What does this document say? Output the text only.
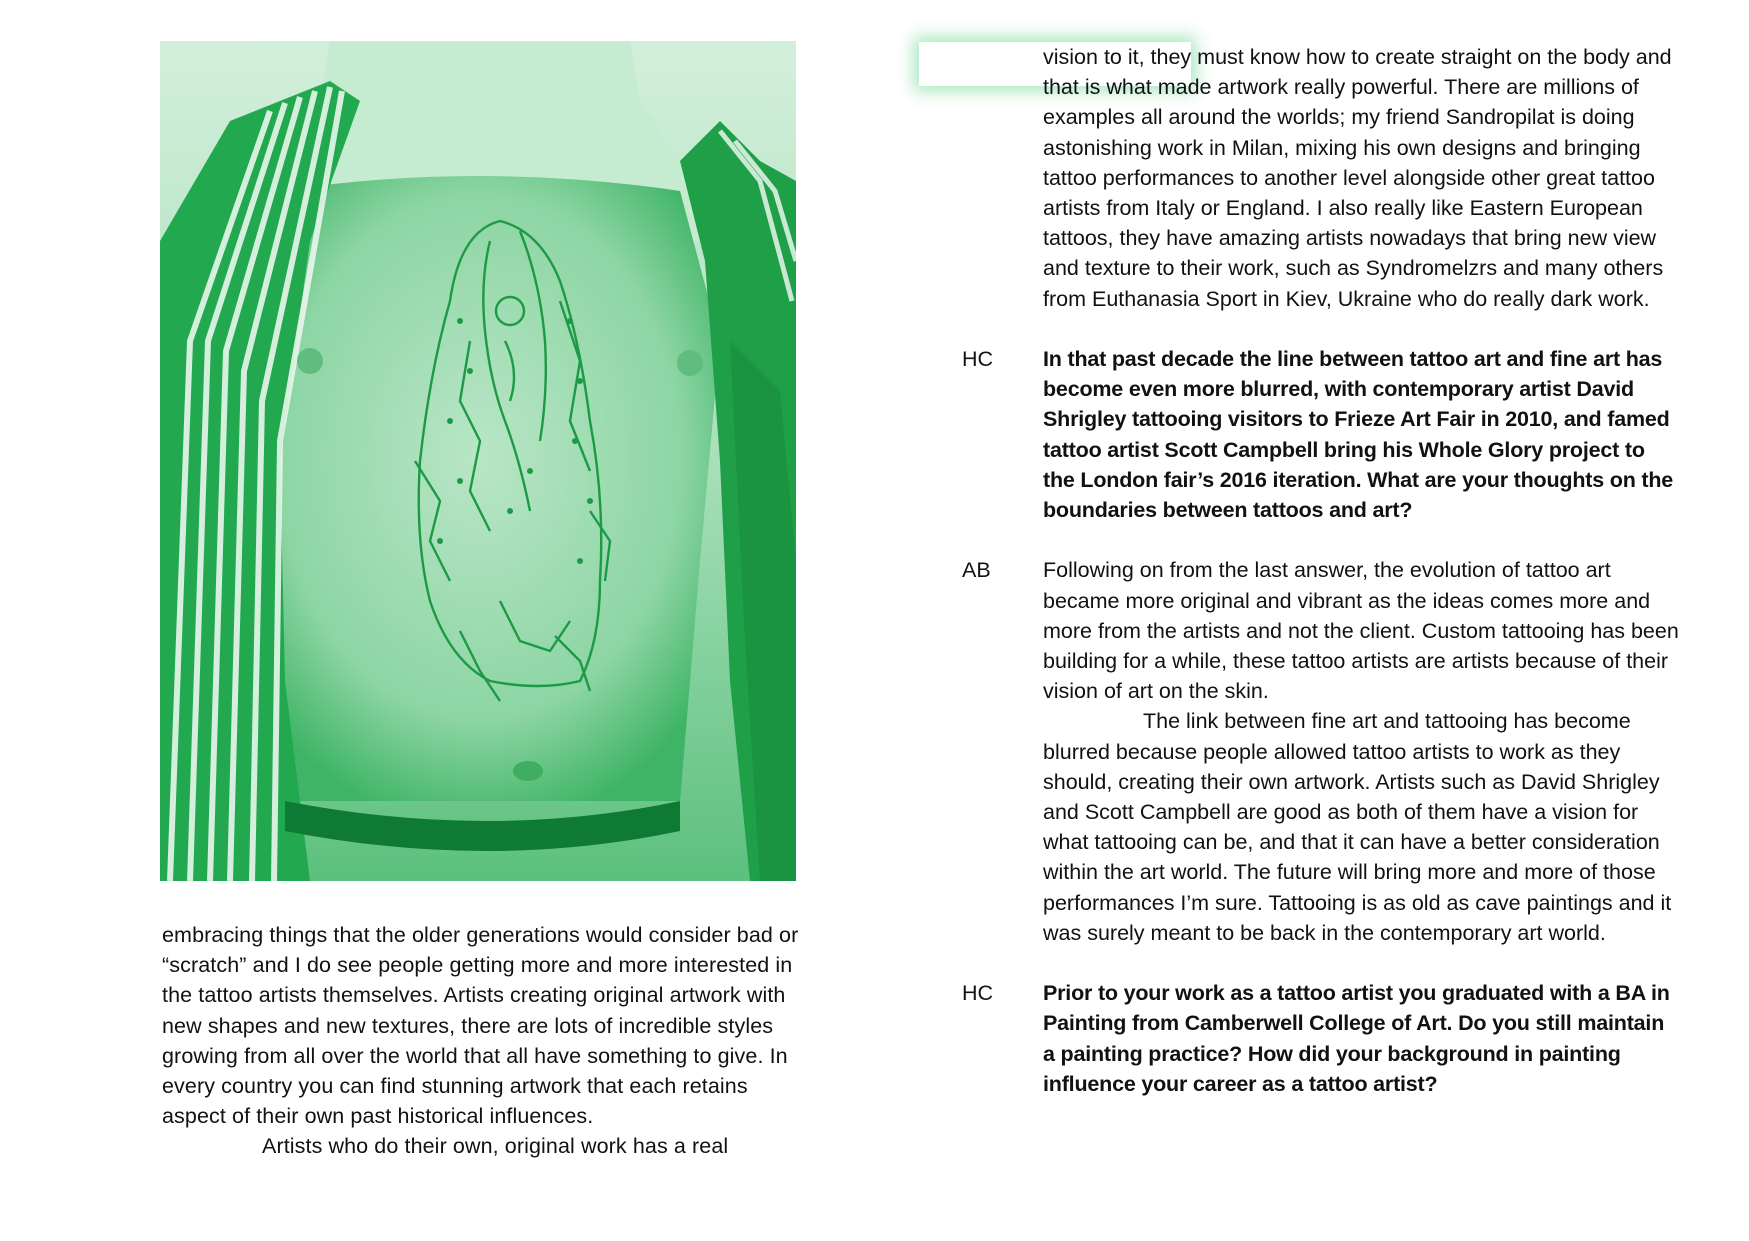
embracing things that the older generations would consider bad or “scratch” and I do see people getting more and more interested in the tattoo artists themselves. Artists creating original artwork with new shapes and new textures, there are lots of incredible styles growing from all over the world that all have something to give. In every country you can find stunning artwork that each retains aspect of their own past historical influences.

Artists who do their own, original work has a real

vision to it, they must know how to create straight on the body and that is what made artwork really powerful. There are millions of examples all around the worlds; my friend Sandropilat is doing astonishing work in Milan, mixing his own designs and bringing tattoo performances to another level alongside other great tattoo artists from Italy or England. I also really like Eastern European tattoos, they have amazing artists nowadays that bring new view and texture to their work, such as Syndromelzrs and many others from Euthanasia Sport in Kiev, Ukraine who do really dark work.

HC	In that past decade the line between tattoo art and fine art has become even more blurred, with contemporary artist David Shrigley tattooing visitors to Frieze Art Fair in 2010, and famed tattoo artist Scott Campbell bring his Whole Glory project to the London fair’s 2016 iteration. What are your thoughts on the boundaries between tattoos and art?

AB	Following on from the last answer, the evolution of tattoo art became more original and vibrant as the ideas comes more and more from the artists and not the client. Custom tattooing has been building for a while, these tattoo artists are artists because of their vision of art on the skin.

The link between fine art and tattooing has become blurred because people allowed tattoo artists to work as they should, creating their own artwork. Artists such as David Shrigley and Scott Campbell are good as both of them have a vision for what tattooing can be, and that it can have a better consideration within the art world. The future will bring more and more of those performances I’m sure. Tattooing is as old as cave paintings and it was surely meant to be back in the contemporary art world.

HC	Prior to your work as a tattoo artist you graduated with a BA in Painting from Camberwell College of Art. Do you still maintain a painting practice? How did your background in painting influence your career as a tattoo artist?
